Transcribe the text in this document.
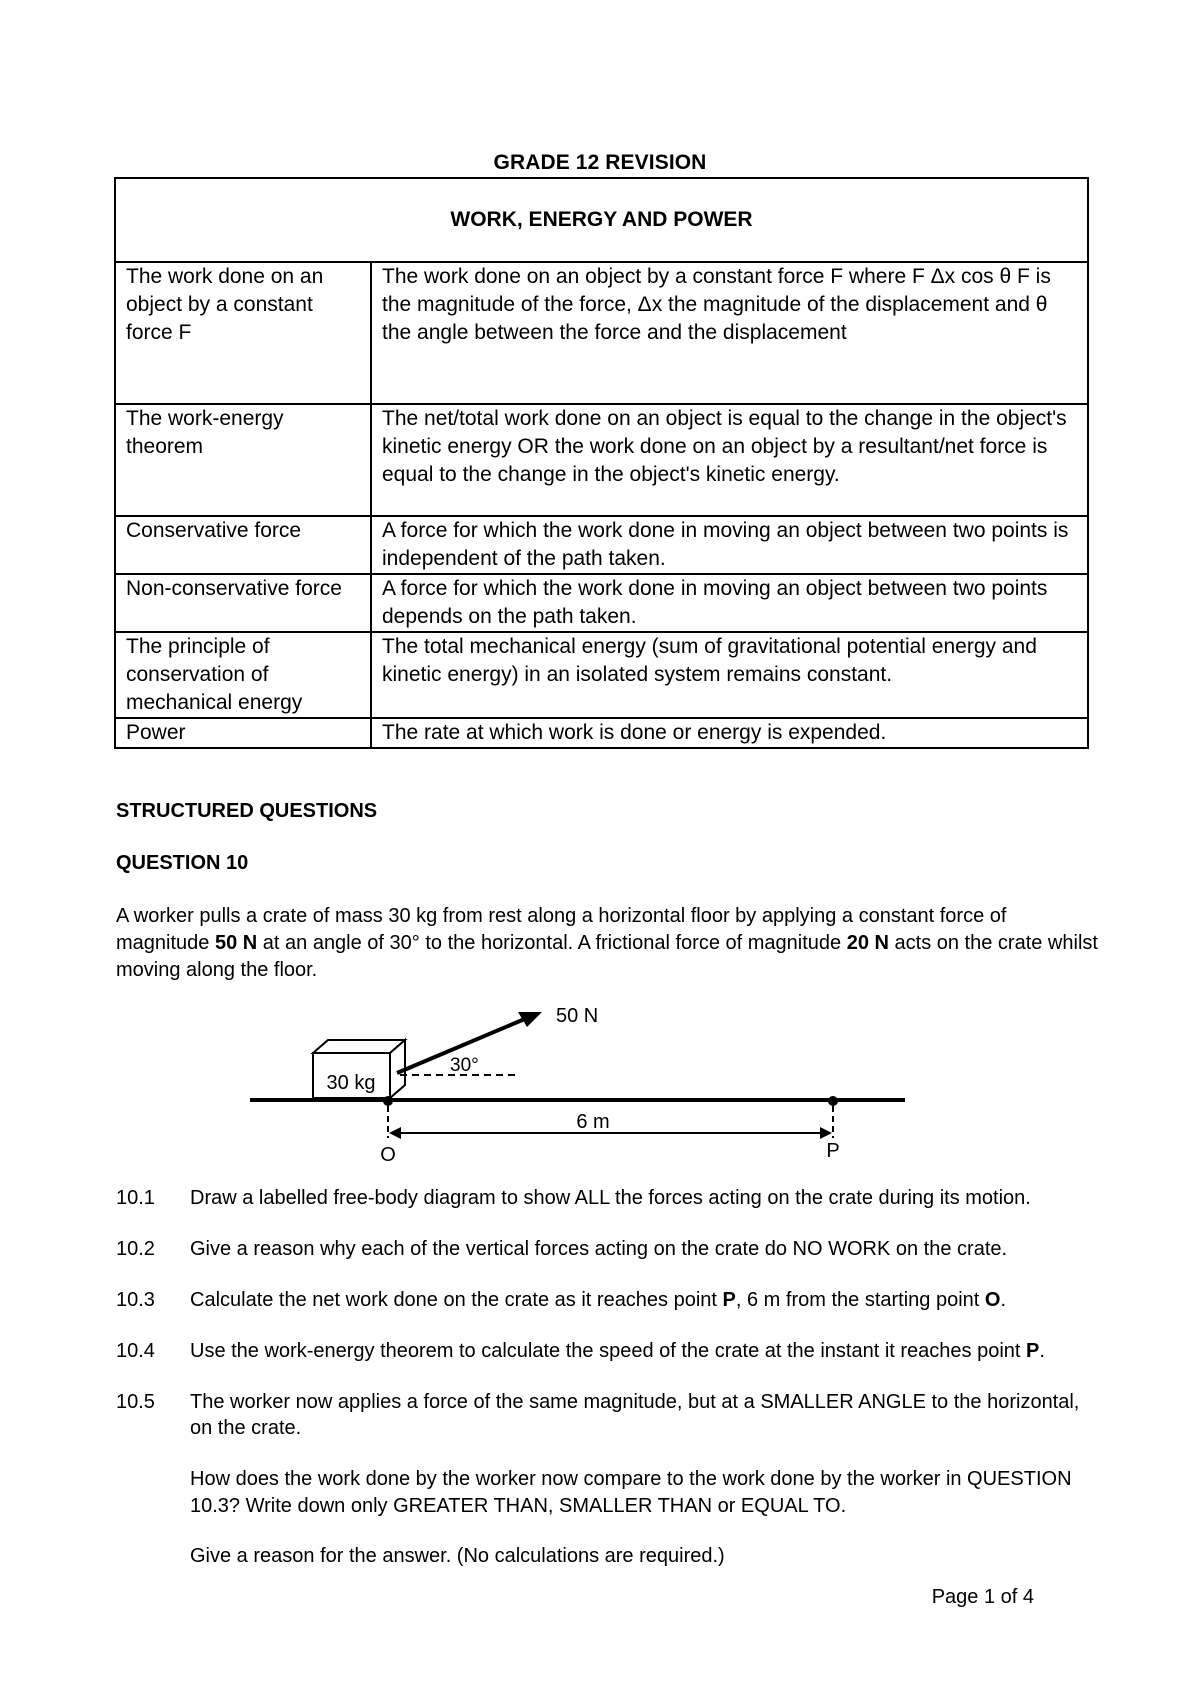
GRADE 12 REVISION
WORK, ENERGY AND POWER	
The work done on an object by a constant force F	The work done on an object by a constant force F where F Δx cos θ F is the magnitude of the force, Δx the magnitude of the displacement and θ the angle between the force and the displacement
The work-energy theorem	The net/total work done on an object is equal to the change in the object's kinetic energy OR the work done on an object by a resultant/net force is equal to the change in the object's kinetic energy.
Conservative force	A force for which the work done in moving an object between two points is independent of the path taken.
Non-conservative force	A force for which the work done in moving an object between two points depends on the path taken.
The principle of conservation of mechanical energy	The total mechanical energy (sum of gravitational potential energy and kinetic energy) in an isolated system remains constant.
Power	The rate at which work is done or energy is expended.
STRUCTURED QUESTIONS
QUESTION 10
A worker pulls a crate of mass 30 kg from rest along a horizontal floor by applying a constant force of magnitude 50 N at an angle of 30° to the horizontal. A frictional force of magnitude 20 N acts on the crate whilst moving along the floor.
30 kg
50 N
30°
6 m
O	P
10.1	Draw a labelled free-body diagram to show ALL the forces acting on the crate during its motion.
10.2	Give a reason why each of the vertical forces acting on the crate do NO WORK on the crate.
10.3	Calculate the net work done on the crate as it reaches point P, 6 m from the starting point O.
10.4	Use the work-energy theorem to calculate the speed of the crate at the instant it reaches point P.
10.5	The worker now applies a force of the same magnitude, but at a SMALLER ANGLE to the horizontal, on the crate.
How does the work done by the worker now compare to the work done by the worker in QUESTION 10.3? Write down only GREATER THAN, SMALLER THAN or EQUAL TO.
Give a reason for the answer. (No calculations are required.)
Page 1 of 4
